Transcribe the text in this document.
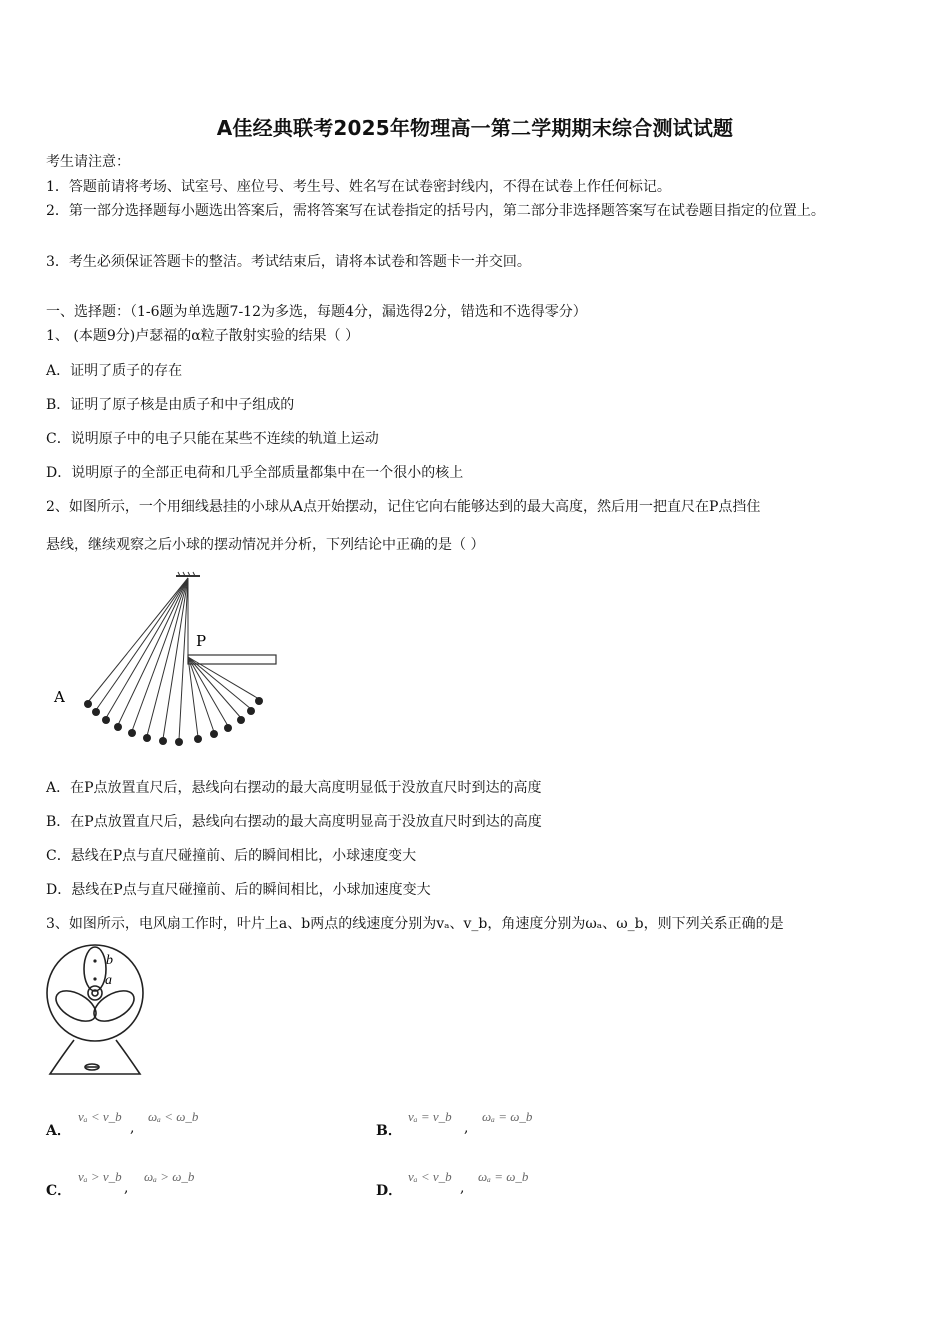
A佳经典联考2025年物理高一第二学期期末综合测试试题
考生请注意：
1．答题前请将考场、试室号、座位号、考生号、姓名写在试卷密封线内，不得在试卷上作任何标记。
2．第一部分选择题每小题选出答案后，需将答案写在试卷指定的括号内，第二部分非选择题答案写在试卷题目指定的位置上。
3．考生必须保证答题卡的整洁。考试结束后，请将本试卷和答题卡一并交回。
一、选择题：（1-6题为单选题7-12为多选，每题4分，漏选得2分，错选和不选得零分）
1、 (本题9分)卢瑟福的α粒子散射实验的结果（ ）
A．证明了质子的存在
B．证明了原子核是由质子和中子组成的
C．说明原子中的电子只能在某些不连续的轨道上运动
D．说明原子的全部正电荷和几乎全部质量都集中在一个很小的核上
2、如图所示，一个用细线悬挂的小球从A点开始摆动，记住它向右能够达到的最大高度，然后用一把直尺在P点挡住
悬线，继续观察之后小球的摆动情况并分析，下列结论中正确的是（ ）
A
P
A．在P点放置直尺后，悬线向右摆动的最大高度明显低于没放直尺时到达的高度
B．在P点放置直尺后，悬线向右摆动的最大高度明显高于没放直尺时到达的高度
C．悬线在P点与直尺碰撞前、后的瞬间相比，小球速度变大
D．悬线在P点与直尺碰撞前、后的瞬间相比，小球加速度变大
3、如图所示，电风扇工作时，叶片上a、b两点的线速度分别为vₐ、v_b，角速度分别为ωₐ、ω_b，则下列关系正确的是
b
a
A．
vₐ < v_b
,
ωₐ < ω_b
B．
vₐ = v_b
,
ωₐ = ω_b
C．
vₐ > v_b
,
ωₐ > ω_b
D．
vₐ < v_b
,
ωₐ = ω_b
